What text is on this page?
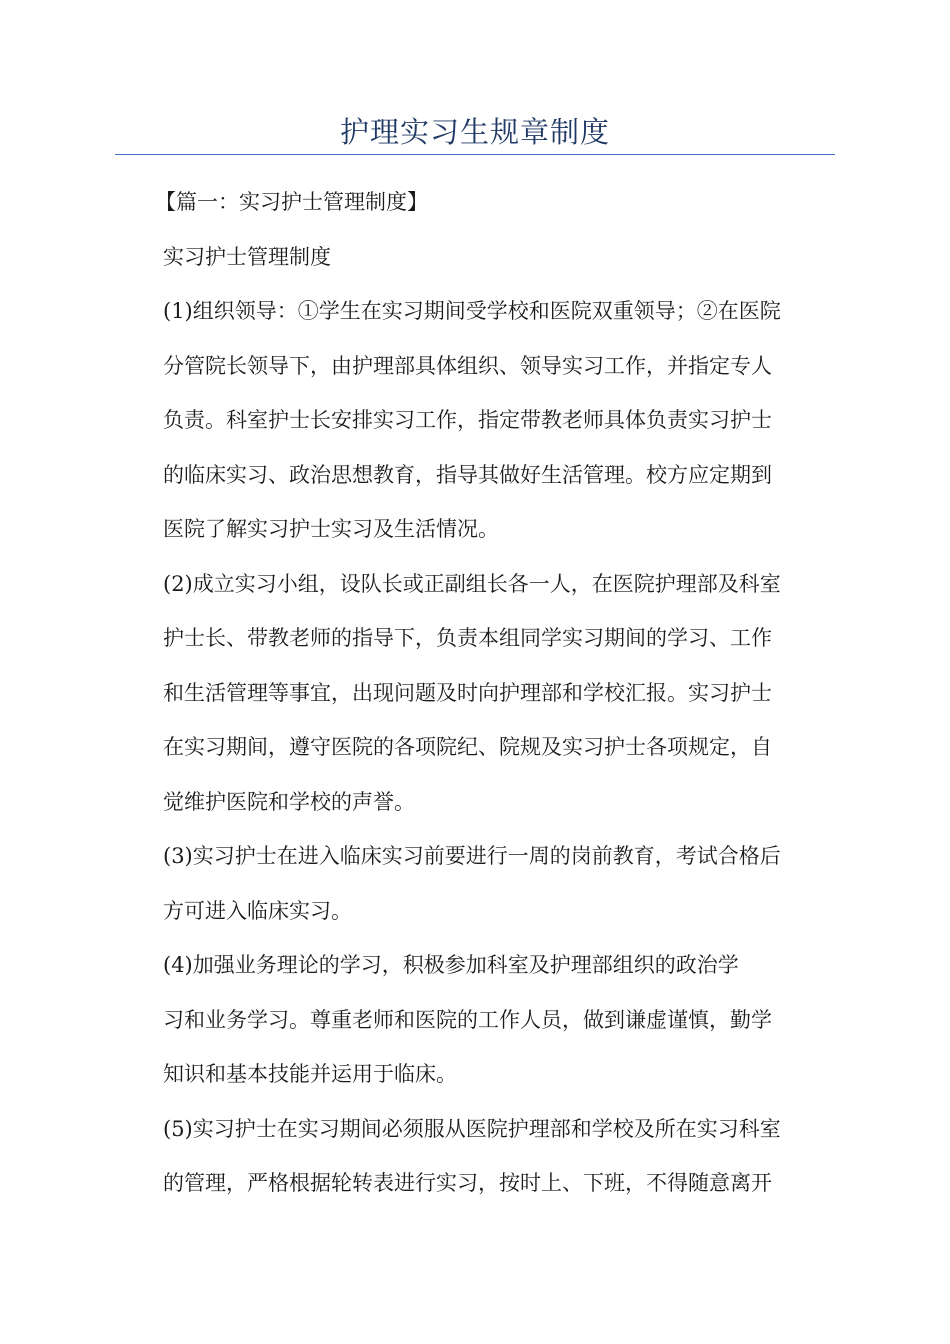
护理实习生规章制度
【篇一：实习护士管理制度】
实习护士管理制度
(1)组织领导：①学生在实习期间受学校和医院双重领导；②在医院
分管院长领导下，由护理部具体组织、领导实习工作，并指定专人
负责。科室护士长安排实习工作，指定带教老师具体负责实习护士
的临床实习、政治思想教育，指导其做好生活管理。校方应定期到
医院了解实习护士实习及生活情况。
(2)成立实习小组，设队长或正副组长各一人，在医院护理部及科室
护士长、带教老师的指导下，负责本组同学实习期间的学习、工作
和生活管理等事宜，出现问题及时向护理部和学校汇报。实习护士
在实习期间，遵守医院的各项院纪、院规及实习护士各项规定，自
觉维护医院和学校的声誉。
(3)实习护士在进入临床实习前要进行一周的岗前教育，考试合格后
方可进入临床实习。
(4)加强业务理论的学习，积极参加科室及护理部组织的政治学
习和业务学习。尊重老师和医院的工作人员，做到谦虚谨慎，勤学
知识和基本技能并运用于临床。
(5)实习护士在实习期间必须服从医院护理部和学校及所在实习科室
的管理，严格根据轮转表进行实习，按时上、下班，不得随意离开
